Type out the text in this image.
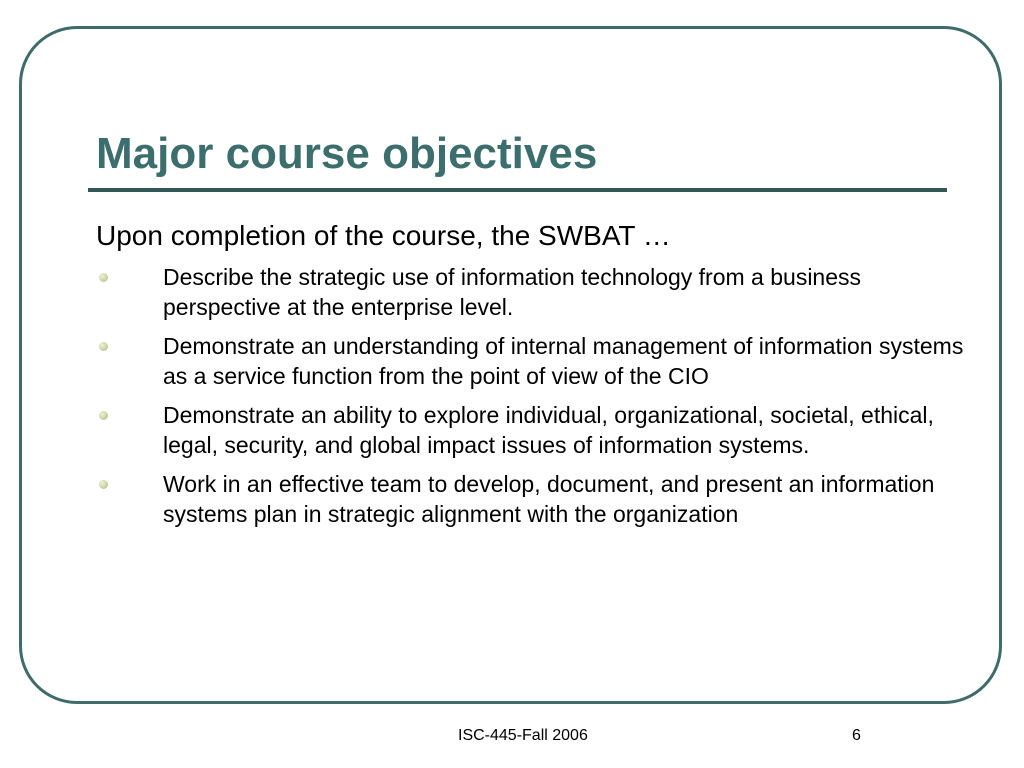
Major course objectives
Upon completion of the course, the SWBAT …
Describe the strategic use of information technology from a business perspective at the enterprise level.
Demonstrate an understanding of internal management of information systems as a service function from the point of view of the CIO
Demonstrate an ability to explore individual, organizational, societal, ethical, legal, security, and global impact issues of information systems.
Work in an effective team to develop, document, and present an information systems plan in strategic alignment with the organization
ISC-445-Fall 2006	6
